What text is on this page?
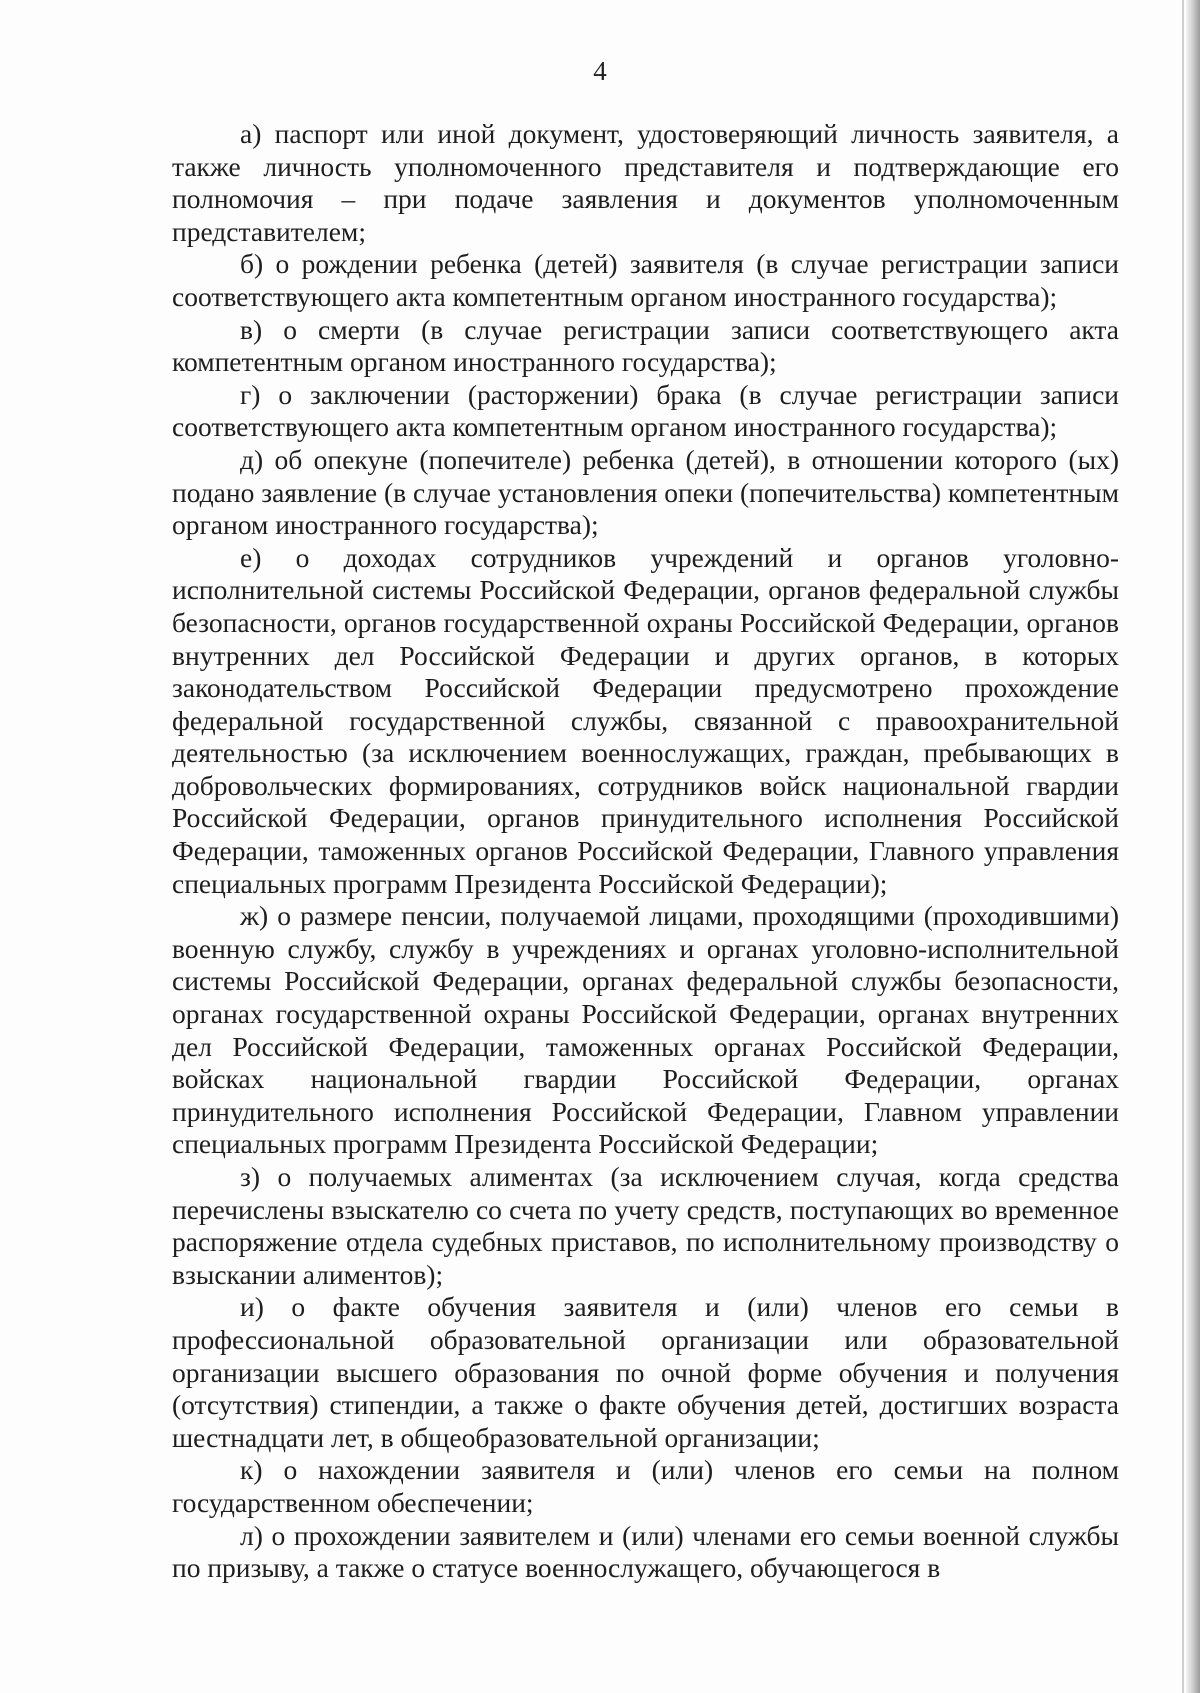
4

а) паспорт или иной документ, удостоверяющий личность заявителя, а также личность уполномоченного представителя и подтверждающие его полномочия – при подаче заявления и документов уполномоченным представителем;

б) о рождении ребенка (детей) заявителя (в случае регистрации записи соответствующего акта компетентным органом иностранного государства);

в) о смерти (в случае регистрации записи соответствующего акта компетентным органом иностранного государства);

г) о заключении (расторжении) брака (в случае регистрации записи соответствующего акта компетентным органом иностранного государства);

д) об опекуне (попечителе) ребенка (детей), в отношении которого (ых) подано заявление (в случае установления опеки (попечительства) компетентным органом иностранного государства);

е) о доходах сотрудников учреждений и органов уголовно-исполнительной системы Российской Федерации, органов федеральной службы безопасности, органов государственной охраны Российской Федерации, органов внутренних дел Российской Федерации и других органов, в которых законодательством Российской Федерации предусмотрено прохождение федеральной государственной службы, связанной с правоохранительной деятельностью (за исключением военнослужащих, граждан, пребывающих в добровольческих формированиях, сотрудников войск национальной гвардии Российской Федерации, органов принудительного исполнения Российской Федерации, таможенных органов Российской Федерации, Главного управления специальных программ Президента Российской Федерации);

ж) о размере пенсии, получаемой лицами, проходящими (проходившими) военную службу, службу в учреждениях и органах уголовно-исполнительной системы Российской Федерации, органах федеральной службы безопасности, органах государственной охраны Российской Федерации, органах внутренних дел Российской Федерации, таможенных органах Российской Федерации, войсках национальной гвардии Российской Федерации, органах принудительного исполнения Российской Федерации, Главном управлении специальных программ Президента Российской Федерации;

з) о получаемых алиментах (за исключением случая, когда средства перечислены взыскателю со счета по учету средств, поступающих во временное распоряжение отдела судебных приставов, по исполнительному производству о взыскании алиментов);

и) о факте обучения заявителя и (или) членов его семьи в профессиональной образовательной организации или образовательной организации высшего образования по очной форме обучения и получения (отсутствия) стипендии, а также о факте обучения детей, достигших возраста шестнадцати лет, в общеобразовательной организации;

к) о нахождении заявителя и (или) членов его семьи на полном государственном обеспечении;

л) о прохождении заявителем и (или) членами его семьи военной службы по призыву, а также о статусе военнослужащего, обучающегося в
